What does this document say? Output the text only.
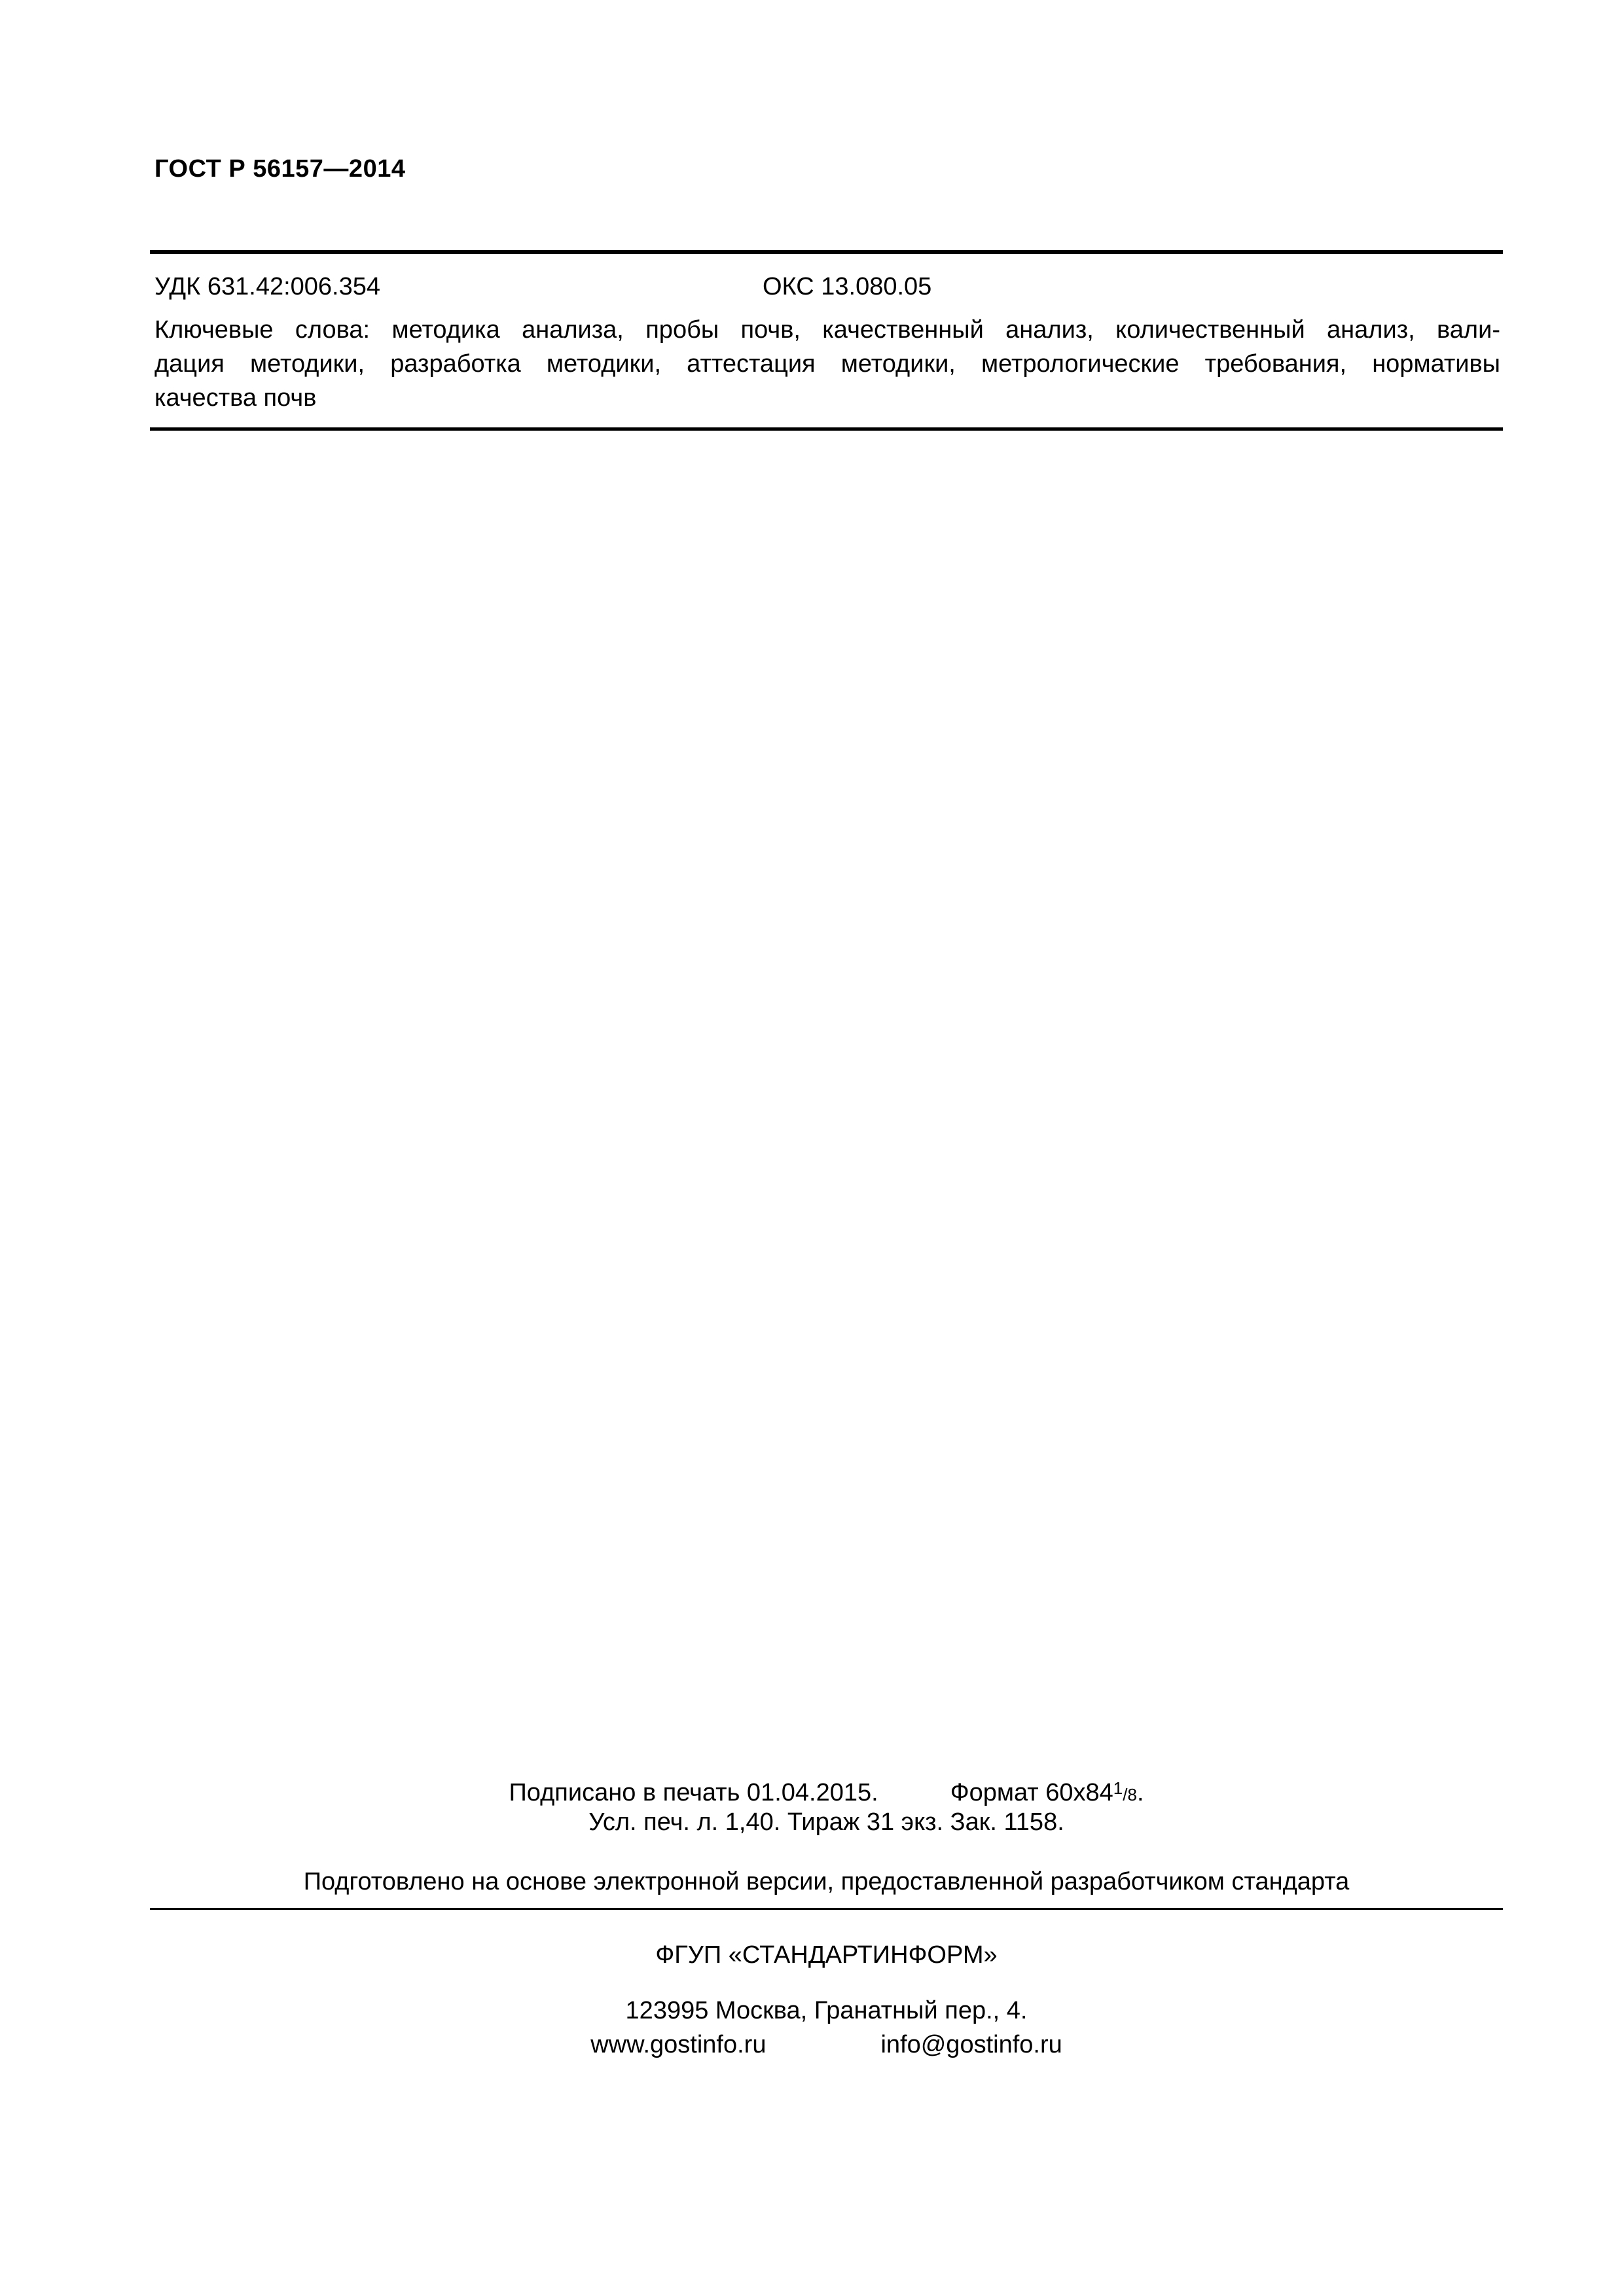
ГОСТ Р 56157—2014
УДК 631.42:006.354	ОКС 13.080.05
Ключевые слова: методика анализа, пробы почв, качественный анализ, количественный анализ, вали-
дация методики, разработка методики, аттестация методики, метрологические требования, нормативы
качества почв
Подписано в печать 01.04.2015.	Формат $60x84^1/8$.
Усл. печ. л. 1,40. Тираж 31 экз. Зак. 1158.
Подготовлено на основе электронной версии, предоставленной разработчиком стандарта
ФГУП «СТАНДАРТИНФОРМ»
123995 Москва, Гранатный пер., 4.
www.gostinfo.ru	info@gostinfo.ru
